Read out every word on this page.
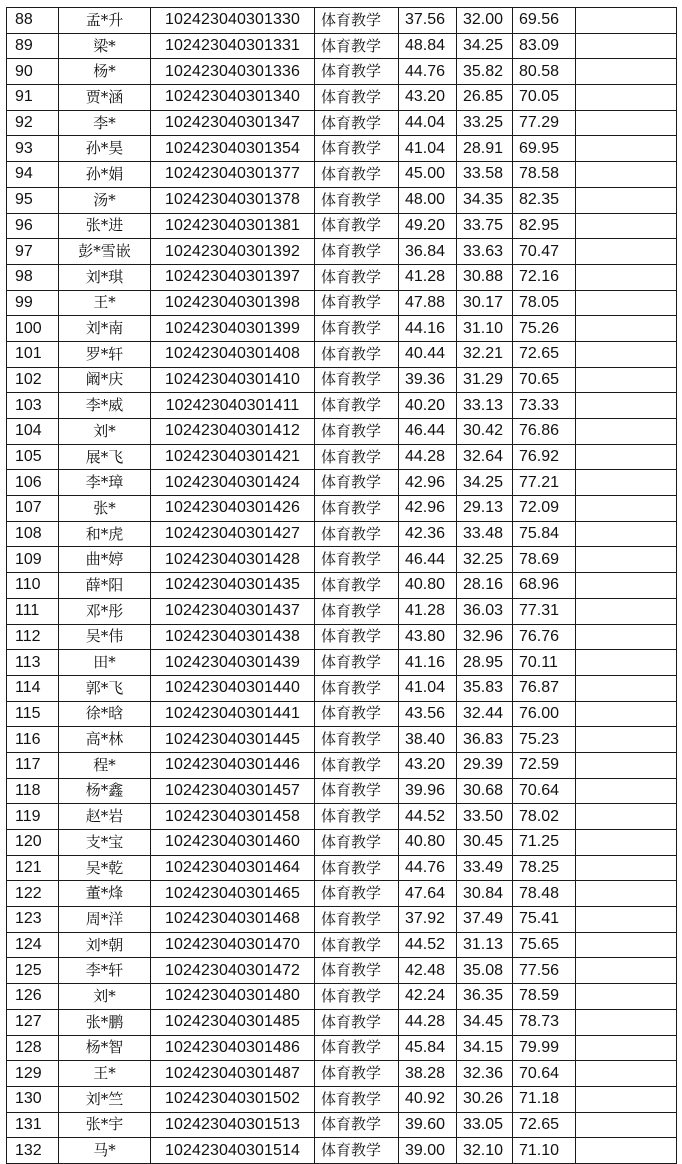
88	孟*升	102423040301330	体育教学	37.56	32.00	69.56	
89	梁*	102423040301331	体育教学	48.84	34.25	83.09	
90	杨*	102423040301336	体育教学	44.76	35.82	80.58	
91	贾*涵	102423040301340	体育教学	43.20	26.85	70.05	
92	李*	102423040301347	体育教学	44.04	33.25	77.29	
93	孙*昊	102423040301354	体育教学	41.04	28.91	69.95	
94	孙*娟	102423040301377	体育教学	45.00	33.58	78.58	
95	汤*	102423040301378	体育教学	48.00	34.35	82.35	
96	张*进	102423040301381	体育教学	49.20	33.75	82.95	
97	彭*雪嵌	102423040301392	体育教学	36.84	33.63	70.47	
98	刘*琪	102423040301397	体育教学	41.28	30.88	72.16	
99	王*	102423040301398	体育教学	47.88	30.17	78.05	
100	刘*南	102423040301399	体育教学	44.16	31.10	75.26	
101	罗*轩	102423040301408	体育教学	40.44	32.21	72.65	
102	阚*庆	102423040301410	体育教学	39.36	31.29	70.65	
103	李*威	102423040301411	体育教学	40.20	33.13	73.33	
104	刘*	102423040301412	体育教学	46.44	30.42	76.86	
105	展*飞	102423040301421	体育教学	44.28	32.64	76.92	
106	李*璋	102423040301424	体育教学	42.96	34.25	77.21	
107	张*	102423040301426	体育教学	42.96	29.13	72.09	
108	和*虎	102423040301427	体育教学	42.36	33.48	75.84	
109	曲*婷	102423040301428	体育教学	46.44	32.25	78.69	
110	薛*阳	102423040301435	体育教学	40.80	28.16	68.96	
111	邓*彤	102423040301437	体育教学	41.28	36.03	77.31	
112	吴*伟	102423040301438	体育教学	43.80	32.96	76.76	
113	田*	102423040301439	体育教学	41.16	28.95	70.11	
114	郭*飞	102423040301440	体育教学	41.04	35.83	76.87	
115	徐*晗	102423040301441	体育教学	43.56	32.44	76.00	
116	高*林	102423040301445	体育教学	38.40	36.83	75.23	
117	程*	102423040301446	体育教学	43.20	29.39	72.59	
118	杨*鑫	102423040301457	体育教学	39.96	30.68	70.64	
119	赵*岩	102423040301458	体育教学	44.52	33.50	78.02	
120	支*宝	102423040301460	体育教学	40.80	30.45	71.25	
121	吴*乾	102423040301464	体育教学	44.76	33.49	78.25	
122	董*烽	102423040301465	体育教学	47.64	30.84	78.48	
123	周*洋	102423040301468	体育教学	37.92	37.49	75.41	
124	刘*朝	102423040301470	体育教学	44.52	31.13	75.65	
125	李*轩	102423040301472	体育教学	42.48	35.08	77.56	
126	刘*	102423040301480	体育教学	42.24	36.35	78.59	
127	张*鹏	102423040301485	体育教学	44.28	34.45	78.73	
128	杨*智	102423040301486	体育教学	45.84	34.15	79.99	
129	王*	102423040301487	体育教学	38.28	32.36	70.64	
130	刘*竺	102423040301502	体育教学	40.92	30.26	71.18	
131	张*宇	102423040301513	体育教学	39.60	33.05	72.65	
132	马*	102423040301514	体育教学	39.00	32.10	71.10	
